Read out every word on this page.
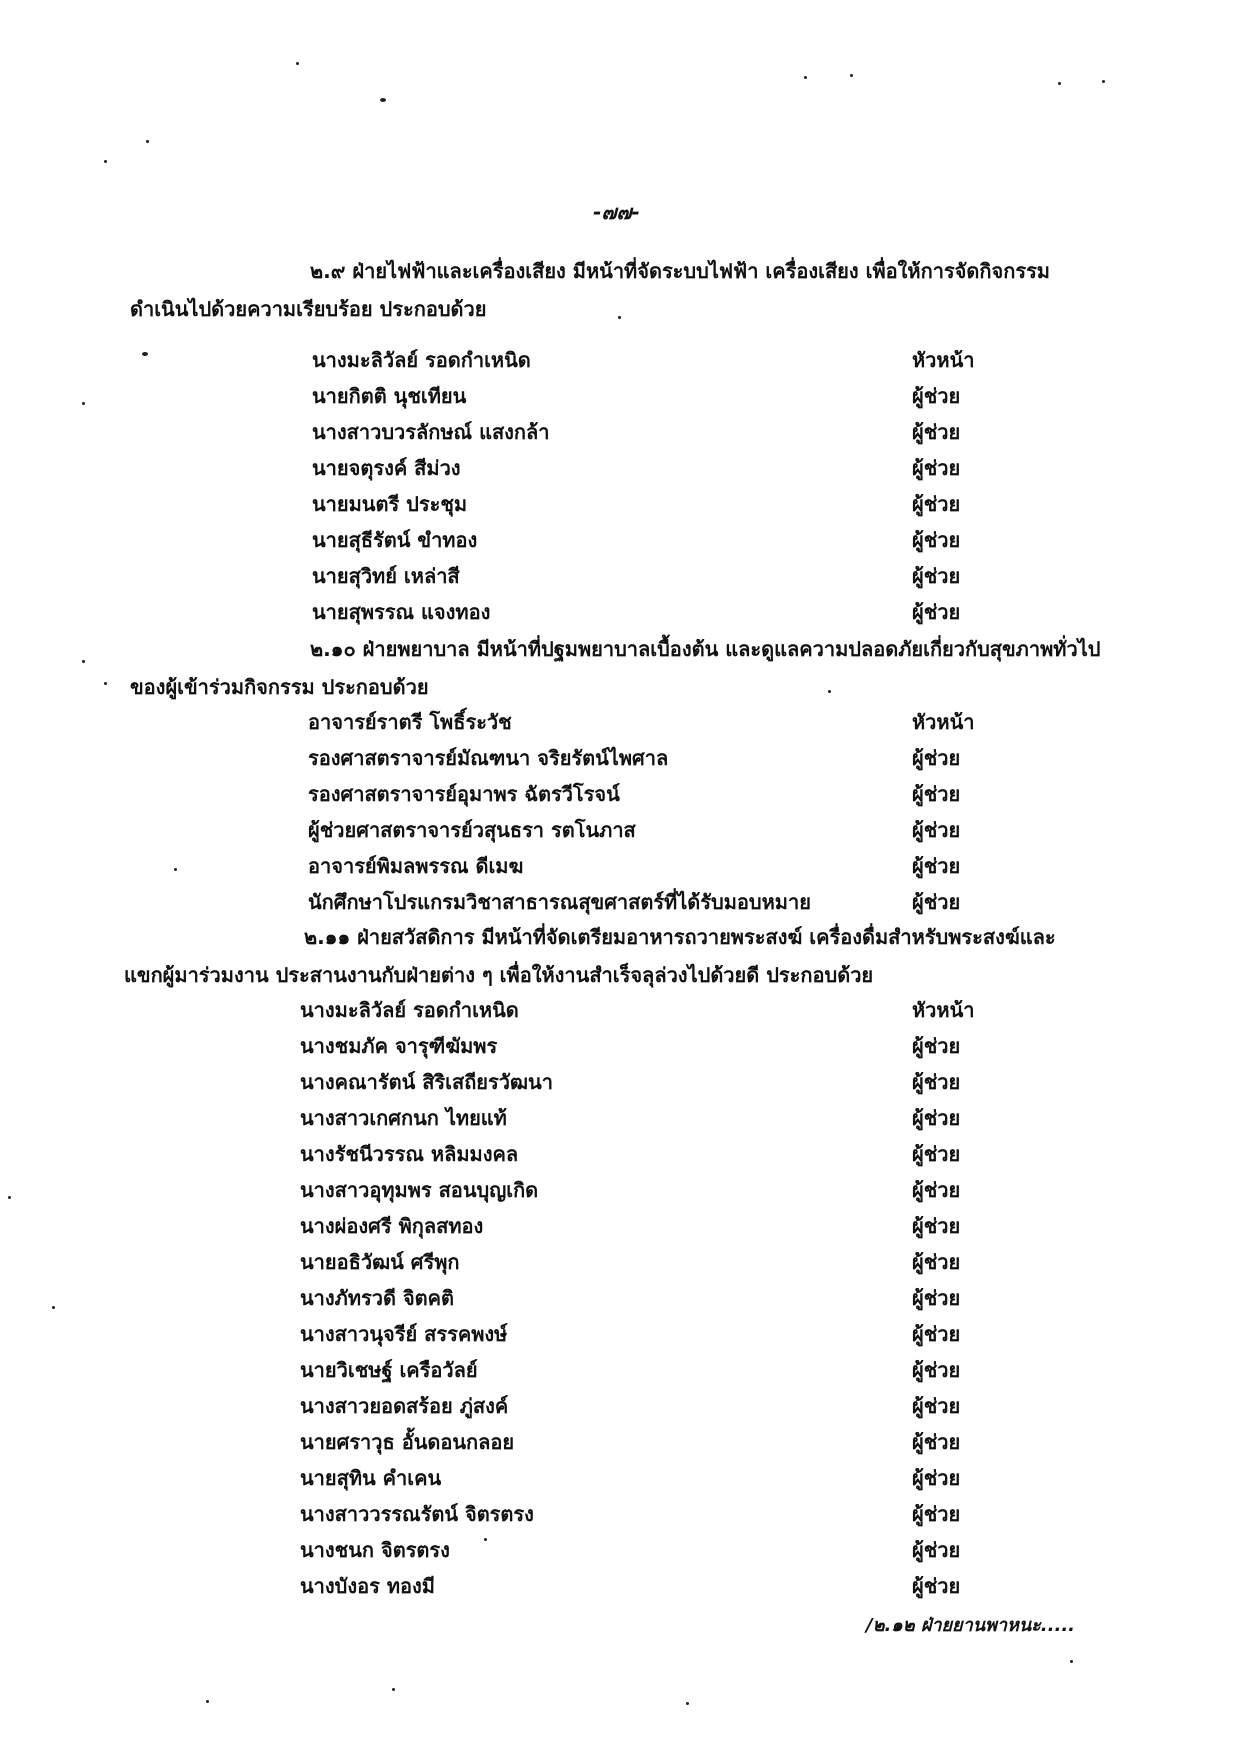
-๗๗-
๒.๙ ฝ่ายไฟฟ้าและเครื่องเสียง มีหน้าที่จัดระบบไฟฟ้า เครื่องเสียง เพื่อให้การจัดกิจกรรม
ดำเนินไปด้วยความเรียบร้อย ประกอบด้วย
นางมะลิวัลย์ รอดกำเหนิด	หัวหน้า
นายกิตติ นุชเทียน	ผู้ช่วย
นางสาวบวรลักษณ์ แสงกล้า	ผู้ช่วย
นายจตุรงค์ สีม่วง	ผู้ช่วย
นายมนตรี ประชุม	ผู้ช่วย
นายสุธีรัตน์ ขำทอง	ผู้ช่วย
นายสุวิทย์ เหล่าสี	ผู้ช่วย
นายสุพรรณ แจงทอง	ผู้ช่วย
๒.๑๐ ฝ่ายพยาบาล มีหน้าที่ปฐมพยาบาลเบื้องต้น และดูแลความปลอดภัยเกี่ยวกับสุขภาพทั่วไป
ของผู้เข้าร่วมกิจกรรม ประกอบด้วย
อาจารย์ราตรี โพธิ์ระวัช	หัวหน้า
รองศาสตราจารย์มัณฑนา จริยรัตน์ไพศาล	ผู้ช่วย
รองศาสตราจารย์อุมาพร ฉัตรวีโรจน์	ผู้ช่วย
ผู้ช่วยศาสตราจารย์วสุนธรา รตโนภาส	ผู้ช่วย
อาจารย์พิมลพรรณ ดีเมฆ	ผู้ช่วย
นักศึกษาโปรแกรมวิชาสาธารณสุขศาสตร์ที่ได้รับมอบหมาย	ผู้ช่วย
๒.๑๑ ฝ่ายสวัสดิการ มีหน้าที่จัดเตรียมอาหารถวายพระสงฆ์ เครื่องดื่มสำหรับพระสงฆ์และ
แขกผู้มาร่วมงาน ประสานงานกับฝ่ายต่าง ๆ เพื่อให้งานสำเร็จลุล่วงไปด้วยดี ประกอบด้วย
นางมะลิวัลย์ รอดกำเหนิด	หัวหน้า
นางชมภัค จารุฑีฆัมพร	ผู้ช่วย
นางคณารัตน์ สิริเสถียรวัฒนา	ผู้ช่วย
นางสาวเกศกนก ไทยแท้	ผู้ช่วย
นางรัชนีวรรณ หลิมมงคล	ผู้ช่วย
นางสาวอุทุมพร สอนบุญเกิด	ผู้ช่วย
นางผ่องศรี พิกุลสทอง	ผู้ช่วย
นายอธิวัฒน์ ศรีพุก	ผู้ช่วย
นางภัทรวดี จิตคติ	ผู้ช่วย
นางสาวนุจรีย์ สรรคพงษ์	ผู้ช่วย
นายวิเชษฐ์ เครือวัลย์	ผู้ช่วย
นางสาวยอดสร้อย ภู่สงค์	ผู้ช่วย
นายศราวุธ อั้นดอนกลอย	ผู้ช่วย
นายสุทิน คำเคน	ผู้ช่วย
นางสาววรรณรัตน์ จิตรตรง	ผู้ช่วย
นางชนก จิตรตรง	ผู้ช่วย
นางบังอร ทองมี	ผู้ช่วย
/๒.๑๒ ฝ่ายยานพาหนะ.....
